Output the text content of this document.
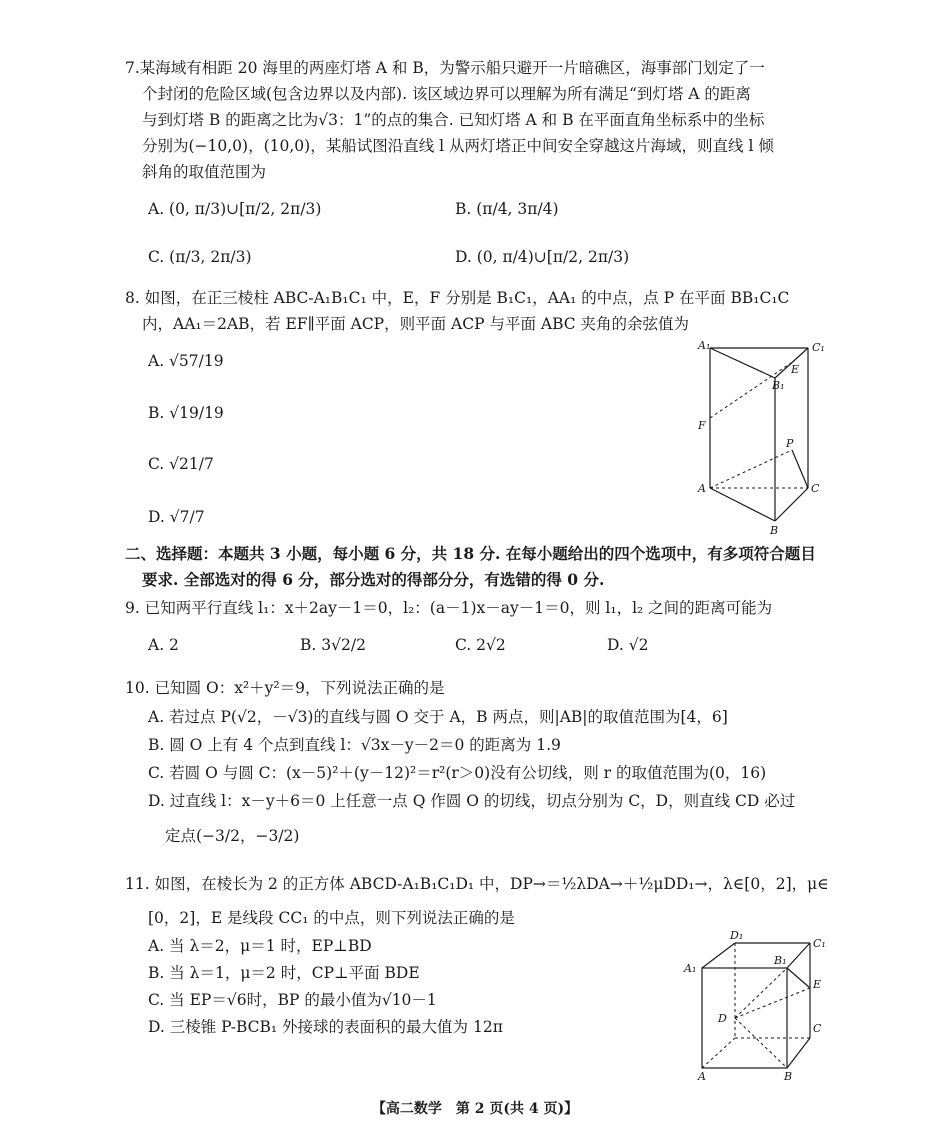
7.某海域有相距 20 海里的两座灯塔 A 和 B，为警示船只避开一片暗礁区，海事部门划定了一
个封闭的危险区域(包含边界以及内部). 该区域边界可以理解为所有满足“到灯塔 A 的距离
与到灯塔 B 的距离之比为√3：1”的点的集合. 已知灯塔 A 和 B 在平面直角坐标系中的坐标
分别为(−10,0)，(10,0)，某船试图沿直线 l 从两灯塔正中间安全穿越这片海域，则直线 l 倾
斜角的取值范围为
A. (0, π/3)∪[π/2, 2π/3)	B. (π/4, 3π/4)
C. (π/3, 2π/3)	D. (0, π/4)∪[π/2, 2π/3)
8. 如图，在正三棱柱 ABC-A₁B₁C₁ 中，E，F 分别是 B₁C₁，AA₁ 的中点，点 P 在平面 BB₁C₁C
内，AA₁＝2AB，若 EF∥平面 ACP，则平面 ACP 与平面 ABC 夹角的余弦值为
A. √57/19
B. √19/19
C. √21/7
D. √7/7
A₁	C₁
E
B₁
F
P
A	C
B
二、选择题：本题共 3 小题，每小题 6 分，共 18 分. 在每小题给出的四个选项中，有多项符合题目
要求. 全部选对的得 6 分，部分选对的得部分分，有选错的得 0 分.
9. 已知两平行直线 l₁：x＋2ay－1＝0，l₂：(a－1)x－ay－1＝0，则 l₁，l₂ 之间的距离可能为
A. 2	B. 3√2/2	C. 2√2	D. √2
10. 已知圆 O：x²＋y²＝9，下列说法正确的是
A. 若过点 P(√2，－√3)的直线与圆 O 交于 A，B 两点，则|AB|的取值范围为[4，6]
B. 圆 O 上有 4 个点到直线 l：√3x－y－2＝0 的距离为 1.9
C. 若圆 O 与圆 C：(x－5)²＋(y－12)²＝r²(r＞0)没有公切线，则 r 的取值范围为(0，16)
D. 过直线 l：x－y＋6＝0 上任意一点 Q 作圆 O 的切线，切点分别为 C，D，则直线 CD 必过
定点(−3/2，−3/2)
11. 如图，在棱长为 2 的正方体 ABCD-A₁B₁C₁D₁ 中，DP→＝½λDA→＋½μDD₁→，λ∈[0，2]，μ∈
[0，2]，E 是线段 CC₁ 的中点，则下列说法正确的是
A. 当 λ＝2，μ＝1 时，EP⊥BD
B. 当 λ＝1，μ＝2 时，CP⊥平面 BDE
C. 当 EP＝√6时，BP 的最小值为√10－1
D. 三棱锥 P-BCB₁ 外接球的表面积的最大值为 12π
D₁
C₁
A₁
B₁
E
D
C
A	B
【高二数学　第 2 页(共 4 页)】
